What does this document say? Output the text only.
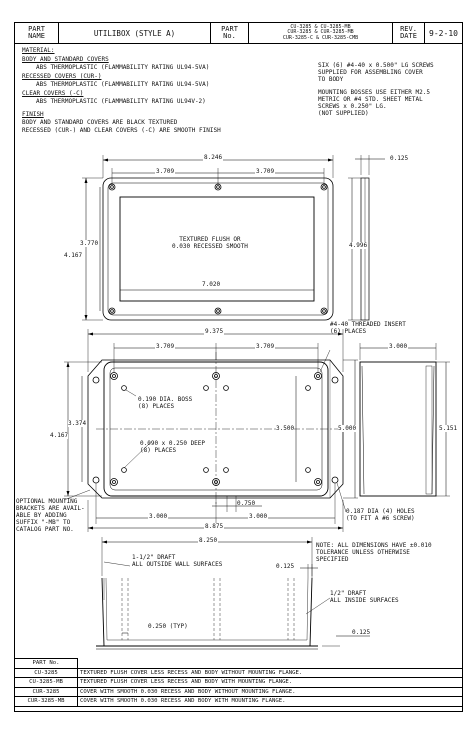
PART
NAME	UTILIBOX (STYLE A)	PART
No.
CU-3285 & CU-3285-MB
CUR-3285 & CUR-3285-MB
CUR-3285-C & CUR-3285-CMB
REV.
DATE	9-2-10
MATERIAL:
BODY AND STANDARD COVERS
ABS THERMOPLASTIC (FLAMMABILITY RATING UL94-5VA)
RECESSED COVERS (CUR-)
ABS THERMOPLASTIC (FLAMMABILITY RATING UL94-5VA)
CLEAR COVERS (-C)
ABS THERMOPLASTIC (FLAMMABILITY RATING UL94V-2)
FINISH
BODY AND STANDARD COVERS ARE BLACK TEXTURED
RECESSED (CUR-) AND CLEAR COVERS (-C) ARE SMOOTH FINISH
SIX (6) #4-40 x 0.500" LG SCREWS
SUPPLIED FOR ASSEMBLING COVER
TO BODY
MOUNTING BOSSES USE EITHER M2.5
METRIC OR #4 STD. SHEET METAL
SCREWS x 0.250" LG.
(NOT SUPPLIED)
8.246
3.709	3.709
0.125
3.770
4.167
4.996
7.020
TEXTURED FLUSH OR
0.030 RECESSED SMOOTH
9.375
3.709	3.709
#4-40 THREADED INSERT
(6) PLACES
0.190 DIA. BOSS
(8) PLACES
0.090 x 0.250 DEEP
(8) PLACES
3.374
4.167
3.500	5.000
0.750
3.000	3.000
8.875
0.187 DIA (4) HOLES
(TO FIT A #6 SCREW)
OPTIONAL MOUNTING
BRACKETS ARE AVAIL-
ABLE BY ADDING
SUFFIX "-MB" TO
CATALOG PART NO.
3.000
5.151
8.250
1-1/2" DRAFT
ALL OUTSIDE WALL SURFACES	0.125
1/2" DRAFT
ALL INSIDE SURFACES
0.250 (TYP)
0.125
NOTE: ALL DIMENSIONS HAVE ±0.010
TOLERANCE UNLESS OTHERWISE
SPECIFIED
PART No.	
CU-3285	TEXTURED FLUSH COVER LESS RECESS AND BODY WITHOUT MOUNTING FLANGE.
CU-3285-MB	TEXTURED FLUSH COVER LESS RECESS AND BODY WITH MOUNTING FLANGE.
CUR-3285	COVER WITH SMOOTH 0.030 RECESS AND BODY WITHOUT MOUNTING FLANGE.
CUR-3285-MB	COVER WITH SMOOTH 0.030 RECESS AND BODY WITH MOUNTING FLANGE.
